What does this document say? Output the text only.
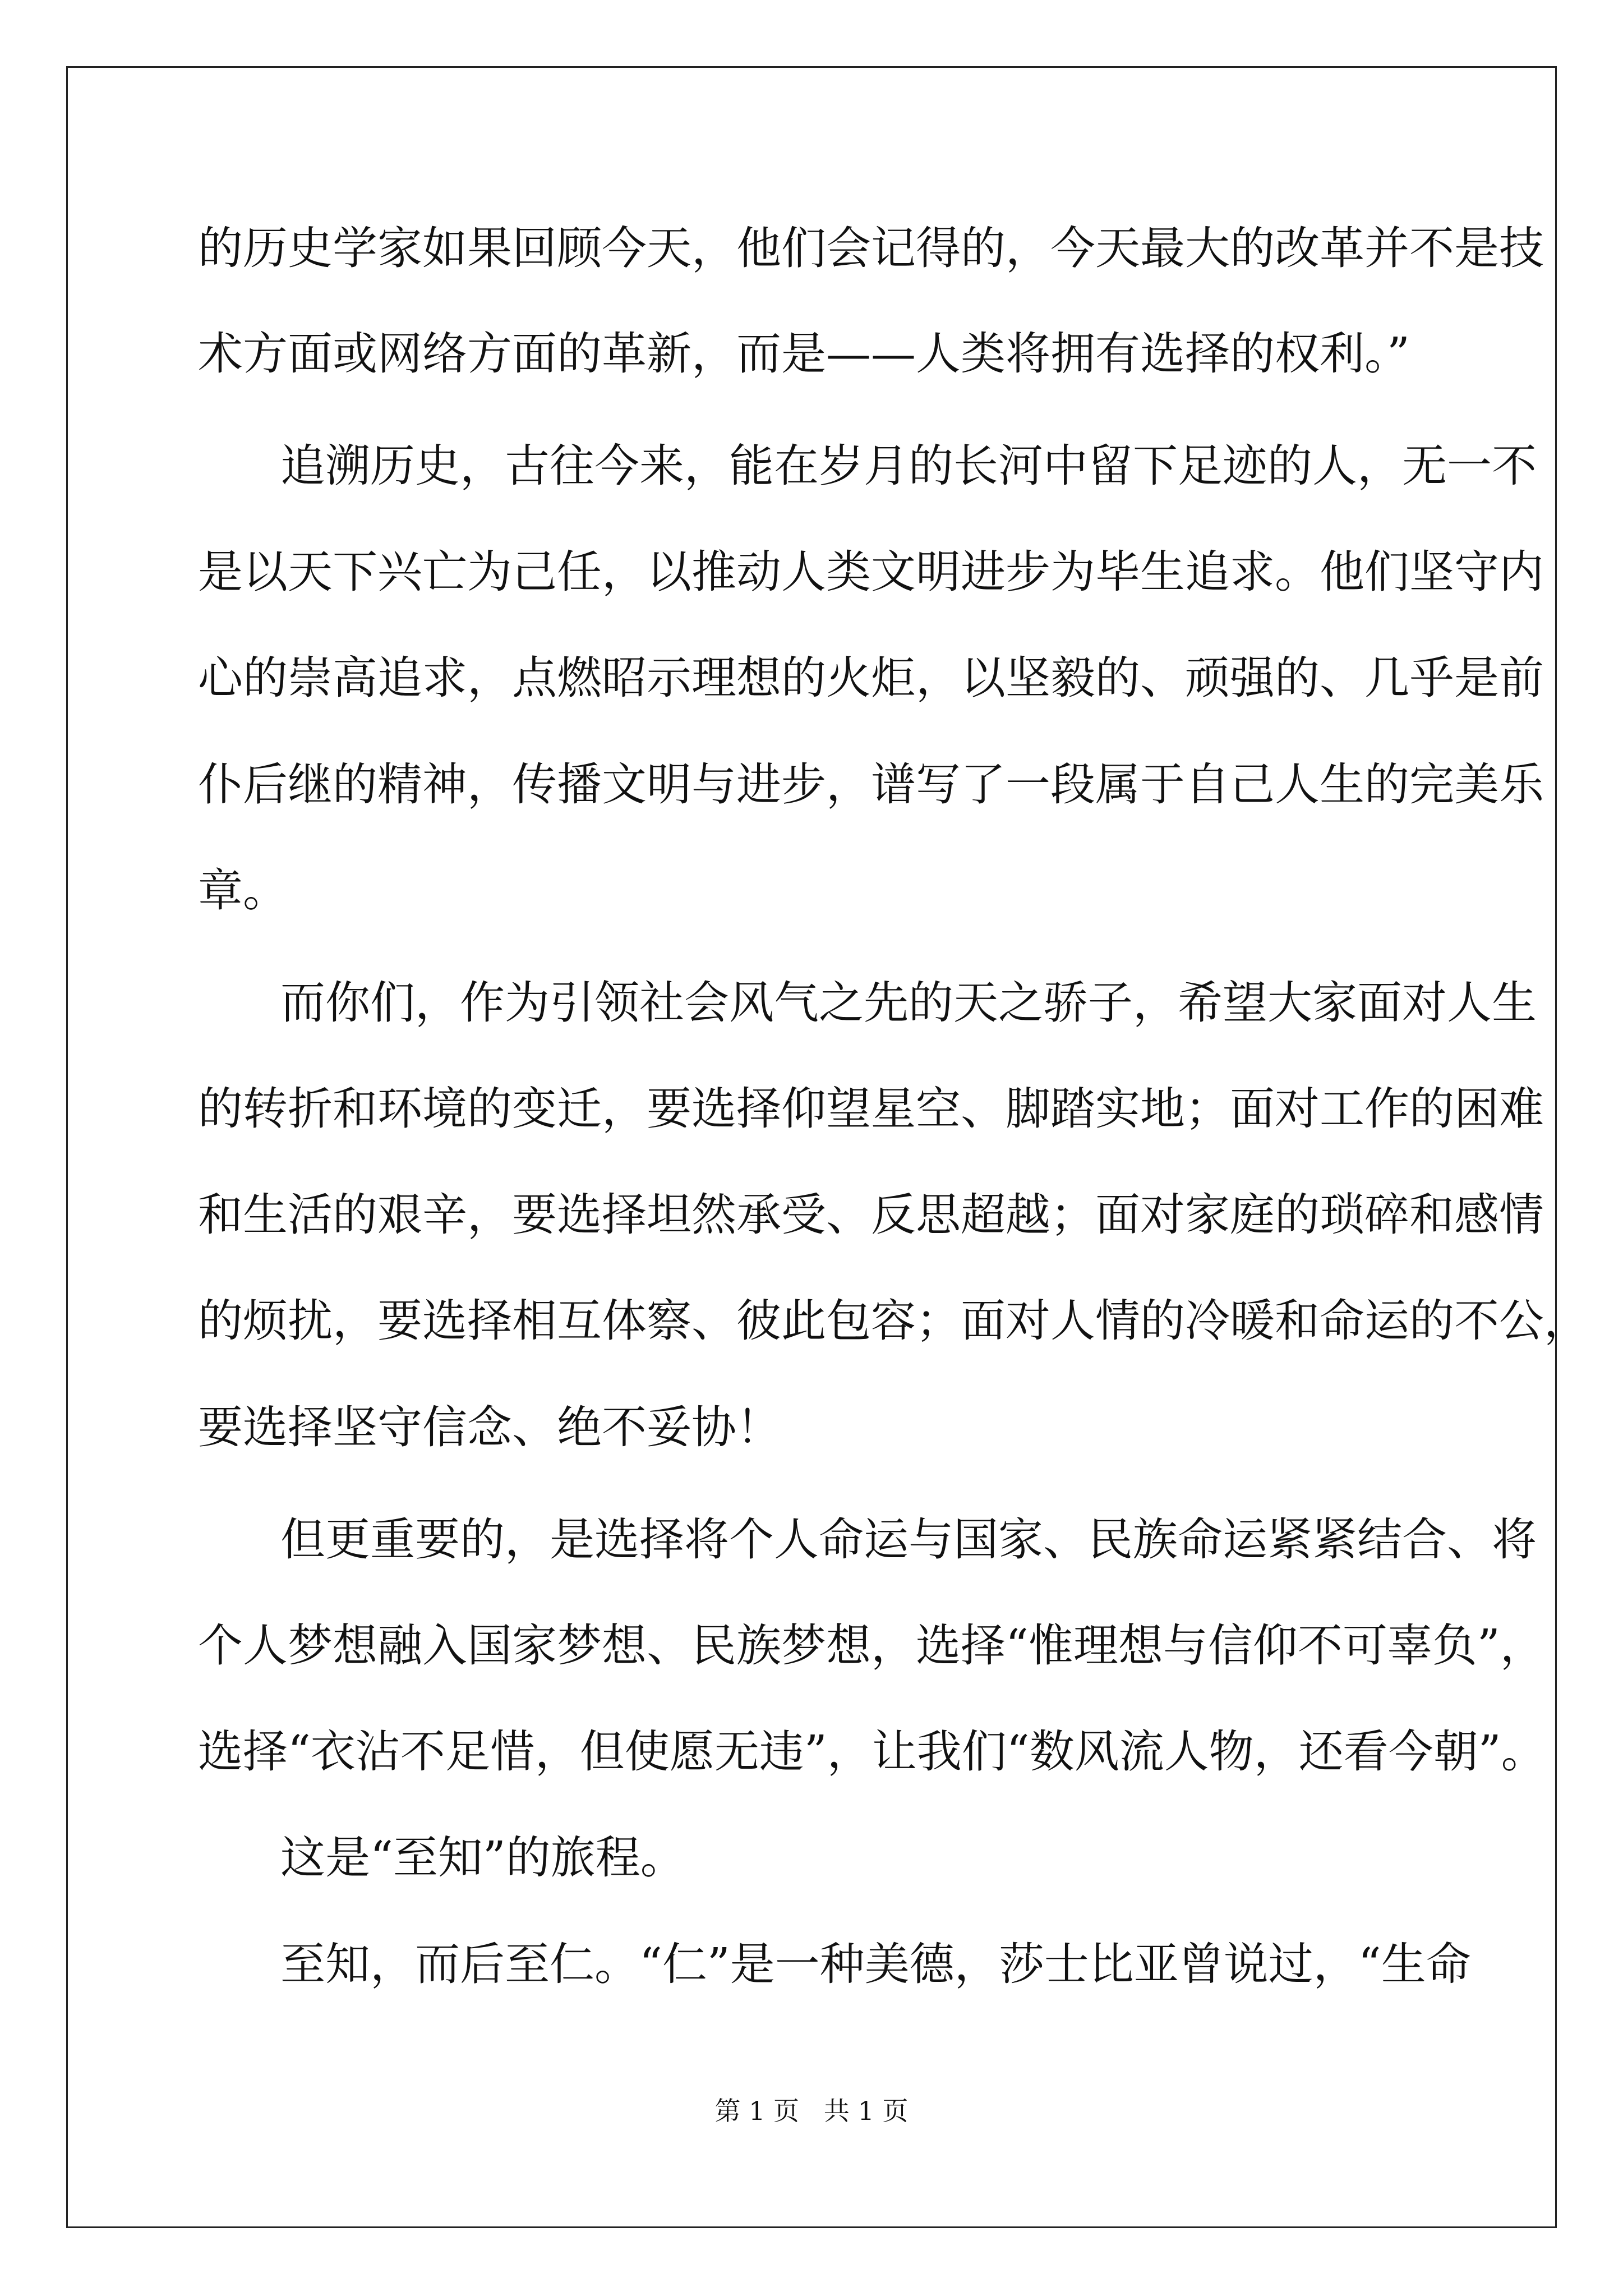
的历史学家如果回顾今天，他们会记得的，今天最大的改革并不是技

术方面或网络方面的革新，而是——人类将拥有选择的权利。”

追溯历史，古往今来，能在岁月的长河中留下足迹的人，无一不

是以天下兴亡为己任，以推动人类文明进步为毕生追求。他们坚守内

心的崇高追求，点燃昭示理想的火炬，以坚毅的、顽强的、几乎是前

仆后继的精神，传播文明与进步，谱写了一段属于自己人生的完美乐

章。

而你们，作为引领社会风气之先的天之骄子，希望大家面对人生

的转折和环境的变迁，要选择仰望星空、脚踏实地；面对工作的困难

和生活的艰辛，要选择坦然承受、反思超越；面对家庭的琐碎和感情

的烦扰，要选择相互体察、彼此包容；面对人情的冷暖和命运的不公，

要选择坚守信念、绝不妥协！

但更重要的，是选择将个人命运与国家、民族命运紧紧结合、将

个人梦想融入国家梦想、民族梦想，选择“惟理想与信仰不可辜负”，

选择“衣沾不足惜，但使愿无违”，让我们“数风流人物，还看今朝”。

这是“至知”的旅程。

至知，而后至仁。“仁”是一种美德，莎士比亚曾说过，“生命

第 1 页   共 1 页
